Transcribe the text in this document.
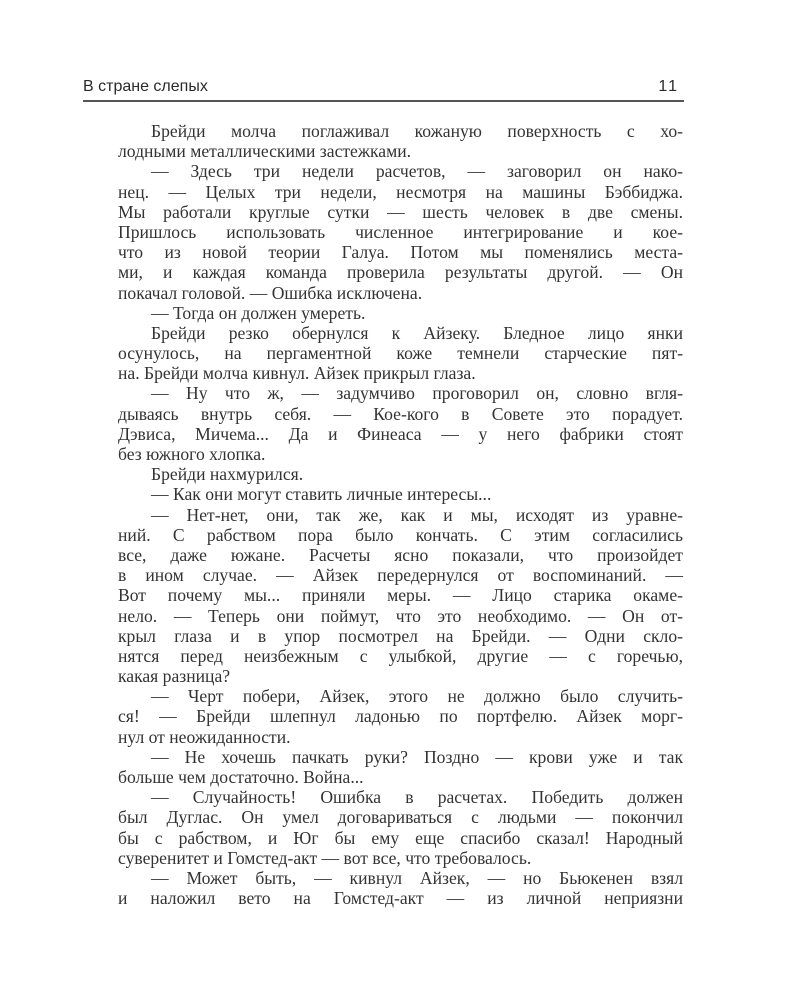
В стране слепых	11
Брейди молча поглаживал кожаную поверхность с хо-
лодными металлическими застежками.
— Здесь три недели расчетов, — заговорил он нако-
нец. — Целых три недели, несмотря на машины Бэббиджа.
Мы работали круглые сутки — шесть человек в две смены.
Пришлось использовать численное интегрирование и кое-
что из новой теории Галуа. Потом мы поменялись места-
ми, и каждая команда проверила результаты другой. — Он
покачал головой. — Ошибка исключена.
— Тогда он должен умереть.
Брейди резко обернулся к Айзеку. Бледное лицо янки
осунулось, на пергаментной коже темнели старческие пят-
на. Брейди молча кивнул. Айзек прикрыл глаза.
— Ну что ж, — задумчиво проговорил он, словно вгля-
дываясь внутрь себя. — Кое-кого в Совете это порадует.
Дэвиса, Мичема... Да и Финеаса — у него фабрики стоят
без южного хлопка.
Брейди нахмурился.
— Как они могут ставить личные интересы...
— Нет-нет, они, так же, как и мы, исходят из уравне-
ний. С рабством пора было кончать. С этим согласились
все, даже южане. Расчеты ясно показали, что произойдет
в ином случае. — Айзек передернулся от воспоминаний. —
Вот почему мы... приняли меры. — Лицо старика окаме-
нело. — Теперь они поймут, что это необходимо. — Он от-
крыл глаза и в упор посмотрел на Брейди. — Одни скло-
нятся перед неизбежным с улыбкой, другие — с горечью,
какая разница?
— Черт побери, Айзек, этого не должно было случить-
ся! — Брейди шлепнул ладонью по портфелю. Айзек морг-
нул от неожиданности.
— Не хочешь пачкать руки? Поздно — крови уже и так
больше чем достаточно. Война...
— Случайность! Ошибка в расчетах. Победить должен
был Дуглас. Он умел договариваться с людьми — покончил
бы с рабством, и Юг бы ему еще спасибо сказал! Народный
суверенитет и Гомстед-акт — вот все, что требовалось.
— Может быть, — кивнул Айзек, — но Бьюкенен взял
и наложил вето на Гомстед-акт — из личной неприязни
